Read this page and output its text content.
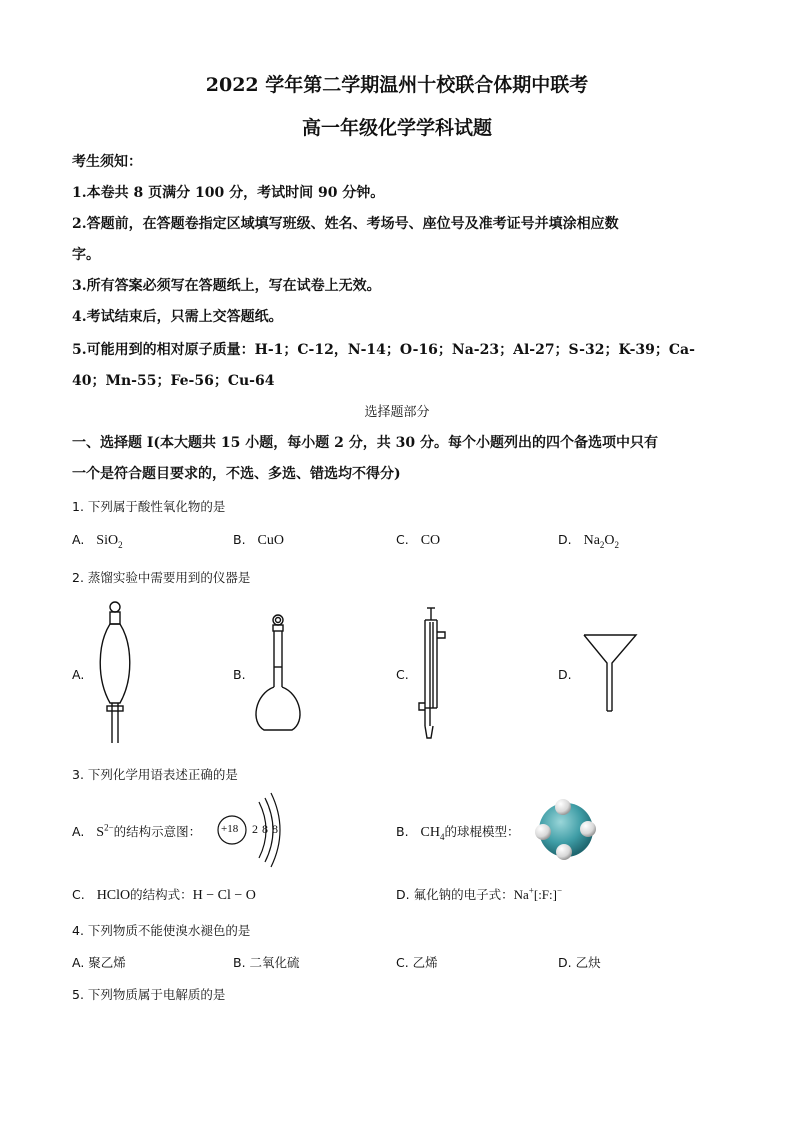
2022 学年第二学期温州十校联合体期中联考
高一年级化学学科试题
考生须知：
1.本卷共 8 页满分 100 分，考试时间 90 分钟。
2.答题前，在答题卷指定区域填写班级、姓名、考场号、座位号及准考证号并填涂相应数
字。
3.所有答案必须写在答题纸上，写在试卷上无效。
4.考试结束后，只需上交答题纸。
5.可能用到的相对原子质量：H-1；C-12，N-14；O-16；Na-23；Al-27；S-32；K-39；Ca-
40；Mn-55；Fe-56；Cu-64
选择题部分
一、选择题 I(本大题共 15 小题，每小题 2 分，共 30 分。每个小题列出的四个备选项中只有
一个是符合题目要求的，不选、多选、错选均不得分)
1. 下列属于酸性氧化物的是
A. SiO$_2$	B. CuO	C. CO	D. $Na_2O_2$
2. 蒸馏实验中需要用到的仪器是
A.	B.	C.	D.
3. 下列化学用语表述正确的是
A. $S^{2-}$的结构示意图： +18 2 8 8	B. $CH_4$的球棍模型：
C. HClO的结构式：H − Cl − O	D. 氟化钠的电子式：Na+[:F:]−
4. 下列物质不能使溴水褪色的是
A. 聚乙烯	B. 二氧化硫	C. 乙烯	D. 乙炔
5. 下列物质属于电解质的是
